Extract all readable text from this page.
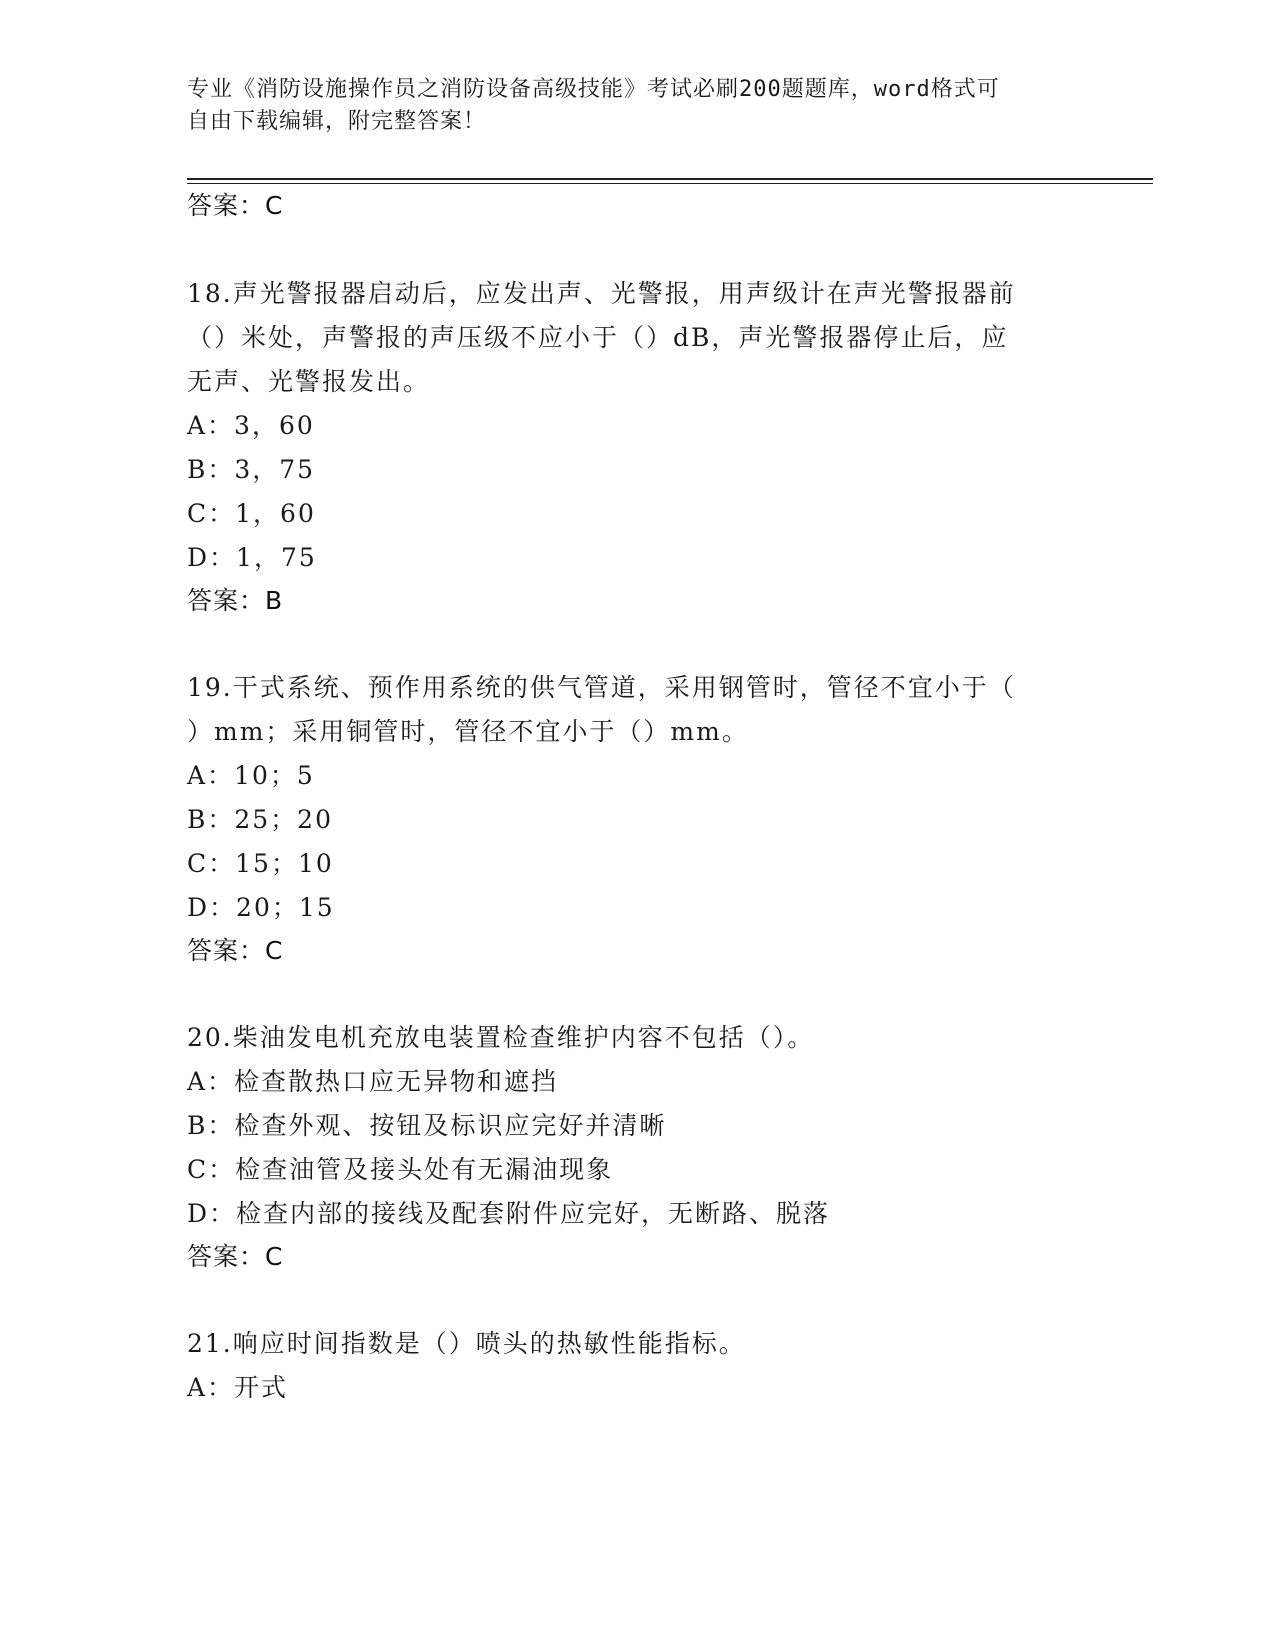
专业《消防设施操作员之消防设备高级技能》考试必刷200题题库，word格式可
自由下载编辑，附完整答案！
答案：C
18.声光警报器启动后，应发出声、光警报，用声级计在声光警报器前
（）米处，声警报的声压级不应小于（）dB，声光警报器停止后，应
无声、光警报发出。
A：3，60
B：3，75
C：1，60
D：1，75
答案：B
19.干式系统、预作用系统的供气管道，采用钢管时，管径不宜小于（
）mm；采用铜管时，管径不宜小于（）mm。
A：10；5
B：25；20
C：15；10
D：20；15
答案：C
20.柴油发电机充放电装置检查维护内容不包括（）。
A：检查散热口应无异物和遮挡
B：检查外观、按钮及标识应完好并清晰
C：检查油管及接头处有无漏油现象
D：检查内部的接线及配套附件应完好，无断路、脱落
答案：C
21.响应时间指数是（）喷头的热敏性能指标。
A：开式
